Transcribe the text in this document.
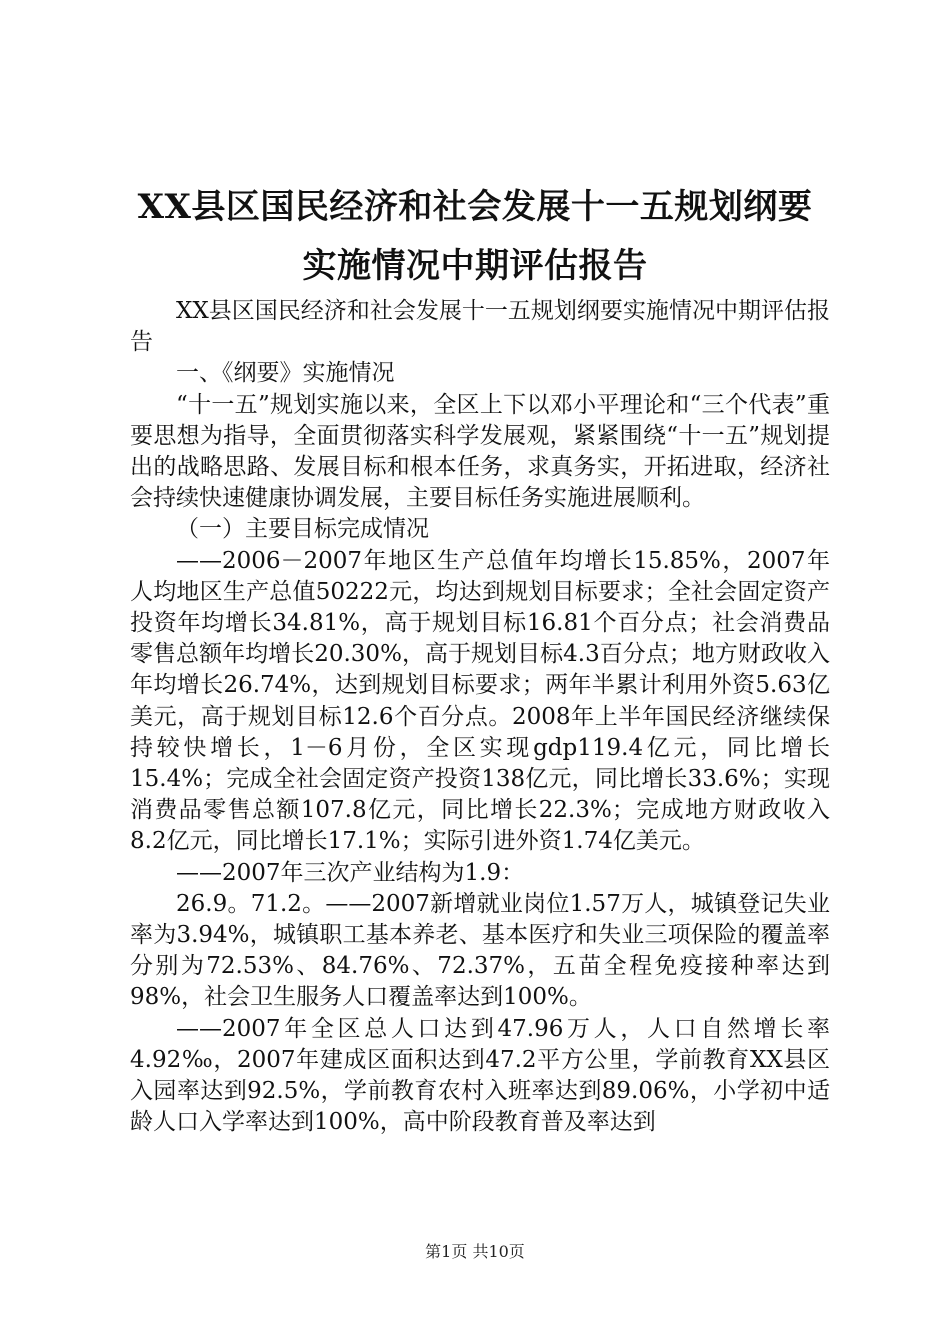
XX县区国民经济和社会发展十一五规划纲要
实施情况中期评估报告

XX县区国民经济和社会发展十一五规划纲要实施情况中期评估报告

一、《纲要》实施情况

“十一五”规划实施以来，全区上下以邓小平理论和“三个代表”重要思想为指导，全面贯彻落实科学发展观，紧紧围绕“十一五”规划提出的战略思路、发展目标和根本任务，求真务实，开拓进取，经济社会持续快速健康协调发展，主要目标任务实施进展顺利。

（一）主要目标完成情况

——2006－2007年地区生产总值年均增长15.85%，2007年人均地区生产总值50222元，均达到规划目标要求；全社会固定资产投资年均增长34.81%，高于规划目标16.81个百分点；社会消费品零售总额年均增长20.30%，高于规划目标4.3百分点；地方财政收入年均增长26.74%，达到规划目标要求；两年半累计利用外资5.63亿美元，高于规划目标12.6个百分点。2008年上半年国民经济继续保持较快增长，1－6月份，全区实现gdp119.4亿元，同比增长15.4%；完成全社会固定资产投资138亿元，同比增长33.6%；实现消费品零售总额107.8亿元，同比增长22.3%；完成地方财政收入8.2亿元，同比增长17.1%；实际引进外资1.74亿美元。

——2007年三次产业结构为1.9：

26.9。71.2。——2007新增就业岗位1.57万人，城镇登记失业率为3.94%，城镇职工基本养老、基本医疗和失业三项保险的覆盖率分别为72.53%、84.76%、72.37%，五苗全程免疫接种率达到98%，社会卫生服务人口覆盖率达到100%。

——2007年全区总人口达到47.96万人，人口自然增长率4.92‰，2007年建成区面积达到47.2平方公里，学前教育XX县区入园率达到92.5%，学前教育农村入班率达到89.06%，小学初中适龄人口入学率达到100%，高中阶段教育普及率达到

第1页 共10页
